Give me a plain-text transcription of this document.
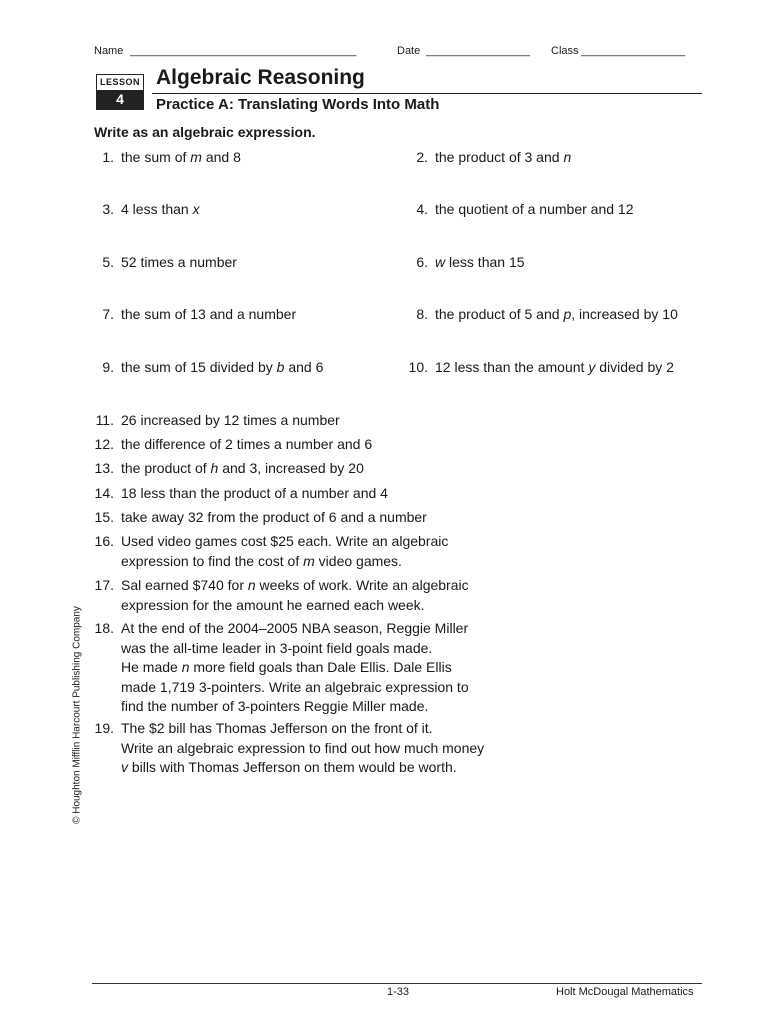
Name _____________________________________	Date _________________ Class _________________
LESSON
4
Algebraic Reasoning
Practice A: Translating Words Into Math
Write as an algebraic expression.
1. the sum of m and 8	2. the product of 3 and n
3. 4 less than x	4. the quotient of a number and 12
5. 52 times a number	6. w less than 15
7. the sum of 13 and a number	8. the product of 5 and p, increased by 10
9. the sum of 15 divided by b and 6	10. 12 less than the amount y divided by 2
11. 26 increased by 12 times a number
12. the difference of 2 times a number and 6
13. the product of h and 3, increased by 20
14. 18 less than the product of a number and 4
15. take away 32 from the product of 6 and a number
16. Used video games cost $25 each. Write an algebraic
expression to find the cost of m video games.
17. Sal earned $740 for n weeks of work. Write an algebraic
expression for the amount he earned each week.
18. At the end of the 2004–2005 NBA season, Reggie Miller
was the all-time leader in 3-point field goals made.
He made n more field goals than Dale Ellis. Dale Ellis
made 1,719 3-pointers. Write an algebraic expression to
find the number of 3-pointers Reggie Miller made.
19. The $2 bill has Thomas Jefferson on the front of it.
Write an algebraic expression to find out how much money
v bills with Thomas Jefferson on them would be worth.
© Houghton Mifflin Harcourt Publishing Company
1-33	Holt McDougal Mathematics
